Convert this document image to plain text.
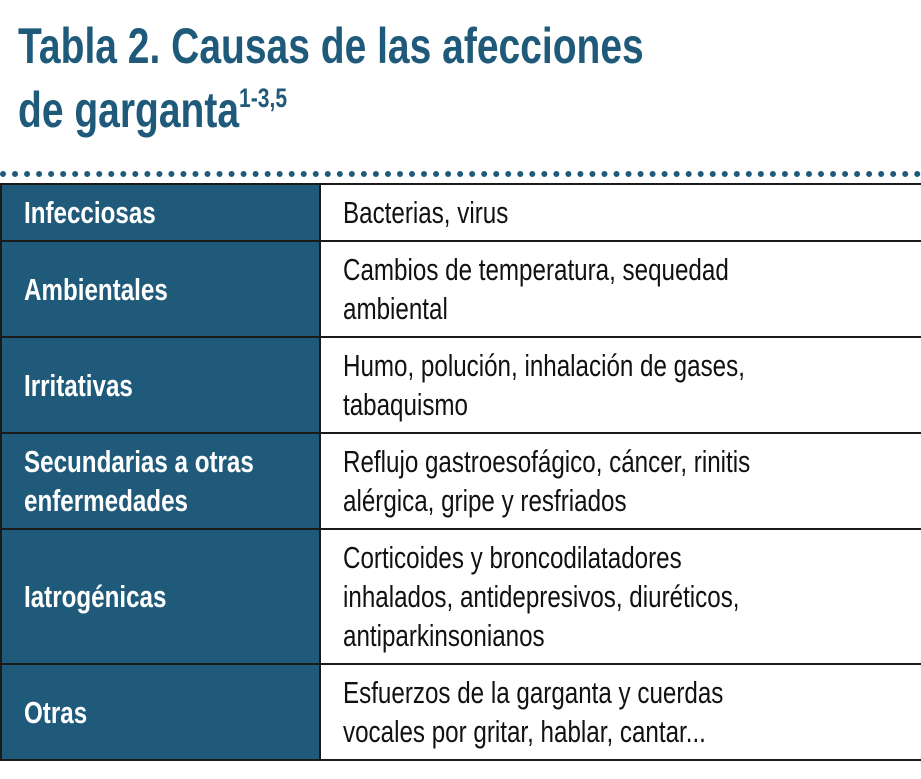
Tabla 2. Causas de las afecciones
de garganta$^{1-3,5}$
Infecciosas	Bacterias, virus

Ambientales	Cambios de temperatura, sequedad
ambiental

Irritativas	Humo, polución, inhalación de gases,
tabaquismo

Secundarias a otras
enfermedades	Reflujo gastroesofágico, cáncer, rinitis
alérgica, gripe y resfriados

Iatrogénicas	Corticoides y broncodilatadores
inhalados, antidepresivos, diuréticos,
antiparkinsonianos

Otras	Esfuerzos de la garganta y cuerdas
vocales por gritar, hablar, cantar...
